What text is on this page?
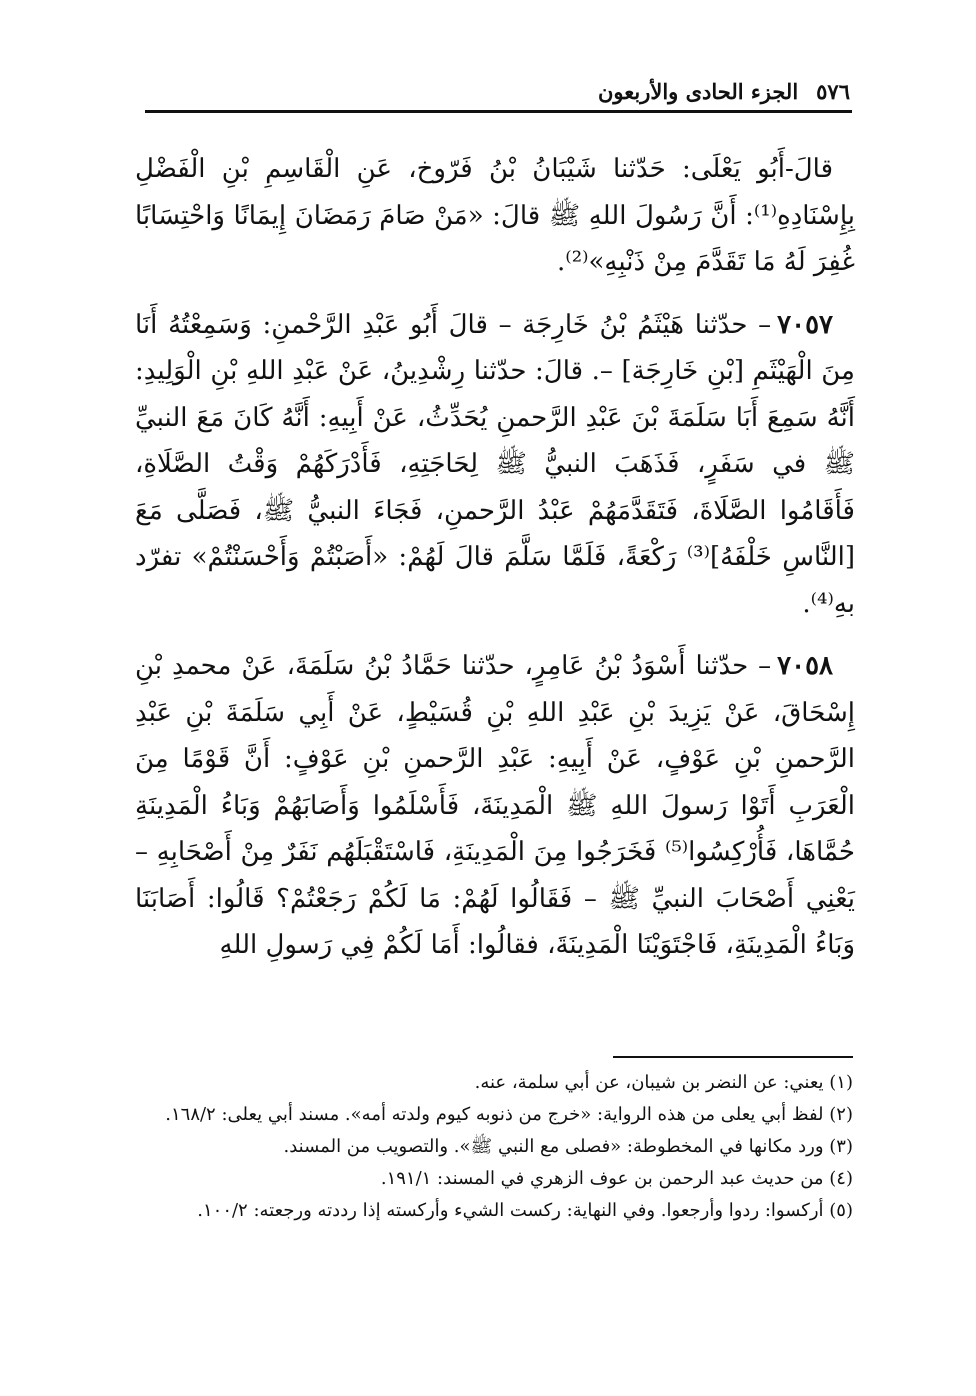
٥٧٦
الجزء الحادى والأربعون

قالَ-أَبُو يَعْلَى: حَدّثنا شَيْبَانُ بْنُ فَرّوخ، عَنِ الْقَاسِمِ بْنِ الْفَضْلِ بِإِسْنَادِهِ⁽¹⁾: أَنَّ رَسُولَ اللهِ ﷺ قالَ: «مَنْ صَامَ رَمَضَانَ إِيمَانًا وَاحْتِسَابًا غُفِرَ لَهُ مَا تَقَدَّمَ مِنْ ذَنْبِهِ»⁽²⁾.

٧٠٥٧– حدّثنا هَيْثَمُ بْنُ خَارِجَة – قالَ أَبُو عَبْدِ الرَّحْمنِ: وَسَمِعْتُهُ أَنَا مِنَ الْهَيْثَمِ [بْنِ خَارِجَة] –. قالَ: حدّثنا رِشْدِينُ، عَنْ عَبْدِ اللهِ بْنِ الْوَلِيدِ: أَنَّهُ سَمِعَ أَبَا سَلَمَةَ بْنَ عَبْدِ الرَّحمنِ يُحَدِّثُ، عَنْ أَبِيهِ: أَنَّهُ كَانَ مَعَ النبيِّ ﷺ في سَفَرٍ، فَذَهَبَ النبيُّ ﷺ لِحَاجَتِهِ، فَأَدْرَكَهُمْ وَقْتُ الصَّلَاةِ، فَأَقَامُوا الصَّلَاةَ، فَتَقَدَّمَهُمْ عَبْدُ الرَّحمنِ، فَجَاءَ النبيُّ ﷺ، فَصَلَّى مَعَ [النَّاسِ خَلْفَهُ]⁽³⁾ رَكْعَةً، فَلَمَّا سَلَّمَ قالَ لَهُمْ: «أَصَبْتُمْ وَأَحْسَنْتُمْ» تفرّد بهِ⁽⁴⁾.

٧٠٥٨– حدّثنا أَسْوَدُ بْنُ عَامِرٍ، حدّثنا حَمَّادُ بْنُ سَلَمَةَ، عَنْ محمدِ بْنِ إِسْحَاقَ، عَنْ يَزِيدَ بْنِ عَبْدِ اللهِ بْنِ قُسَيْطٍ، عَنْ أَبِي سَلَمَةَ بْنِ عَبْدِ الرَّحمنِ بْنِ عَوْفٍ، عَنْ أَبِيهِ: عَبْدِ الرَّحمنِ بْنِ عَوْفٍ: أَنَّ قَوْمًا مِنَ الْعَرَبِ أَتَوْا رَسولَ اللهِ ﷺ الْمَدِينَةَ، فَأَسْلَمُوا وَأَصَابَهُمْ وَبَاءُ الْمَدِينَةِ حُمَّاهَا، فَأُرْكِسُوا⁽⁵⁾ فَخَرَجُوا مِنَ الْمَدِينَةِ، فَاسْتَقْبَلَهُم نَفَرٌ مِنْ أَصْحَابِهِ – يَعْنِي أَصْحَابَ النبيِّ ﷺ – فَقَالُوا لَهُمْ: مَا لَكُمْ رَجَعْتُمْ؟ قَالُوا: أَصَابَنَا وَبَاءُ الْمَدِينَةِ، فَاجْتَوَيْنَا الْمَدِينَةَ، فقالُوا: أَمَا لَكُمْ فِي رَسولِ اللهِ

(١) يعني: عن النضر بن شيبان، عن أبي سلمة، عنه.

(٢) لفظ أبي يعلى من هذه الرواية: «خرج من ذنوبه كيوم ولدته أمه». مسند أبي يعلى: ١٦٨/٢.

(٣) ورد مكانها في المخطوطة: «فصلى مع النبي ﷺ». والتصويب من المسند.

(٤) من حديث عبد الرحمن بن عوف الزهري في المسند: ١٩١/١.

(٥) أركسوا: ردوا وأرجعوا. وفي النهاية: ركست الشيء وأركسته إذا رددته ورجعته: ١٠٠/٢.
